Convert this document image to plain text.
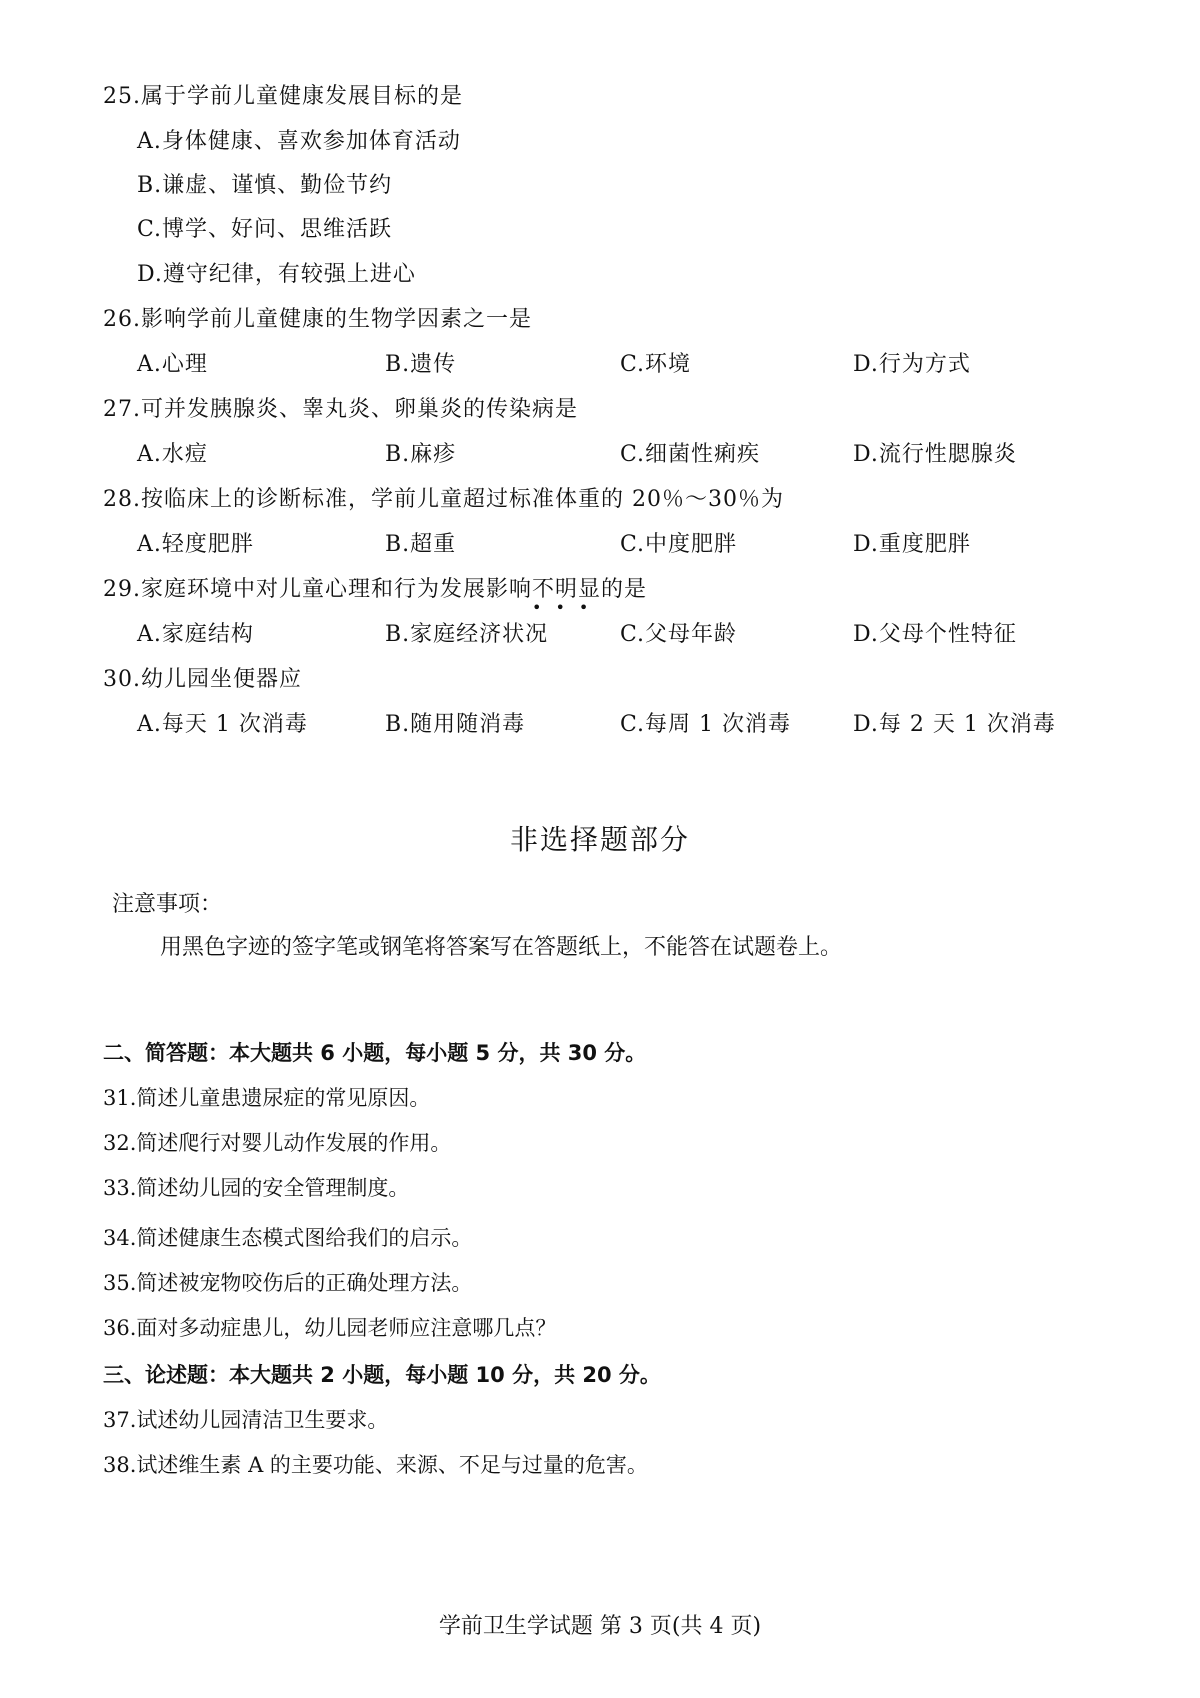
25.属于学前儿童健康发展目标的是
A.身体健康、喜欢参加体育活动
B.谦虚、谨慎、勤俭节约
C.博学、好问、思维活跃
D.遵守纪律，有较强上进心
26.影响学前儿童健康的生物学因素之一是
A.心理	B.遗传	C.环境	D.行为方式
27.可并发胰腺炎、睾丸炎、卵巢炎的传染病是
A.水痘	B.麻疹	C.细菌性痢疾	D.流行性腮腺炎
28.按临床上的诊断标准，学前儿童超过标准体重的 20％～30％为
A.轻度肥胖	B.超重	C.中度肥胖	D.重度肥胖
29.家庭环境中对儿童心理和行为发展影响不明显
•••
的是
A.家庭结构	B.家庭经济状况	C.父母年龄	D.父母个性特征
30.幼儿园坐便器应
A.每天 1 次消毒	B.随用随消毒	C.每周 1 次消毒	D.每 2 天 1 次消毒
非选择题部分
注意事项：
用黑色字迹的签字笔或钢笔将答案写在答题纸上，不能答在试题卷上。
二、简答题：本大题共 6 小题，每小题 5 分，共 30 分。
31.简述儿童患遗尿症的常见原因。
32.简述爬行对婴儿动作发展的作用。
33.简述幼儿园的安全管理制度。
34.简述健康生态模式图给我们的启示。
35.简述被宠物咬伤后的正确处理方法。
36.面对多动症患儿，幼儿园老师应注意哪几点？
三、论述题：本大题共 2 小题，每小题 10 分，共 20 分。
37.试述幼儿园清洁卫生要求。
38.试述维生素 A 的主要功能、来源、不足与过量的危害。
学前卫生学试题 第 3 页(共 4 页)
